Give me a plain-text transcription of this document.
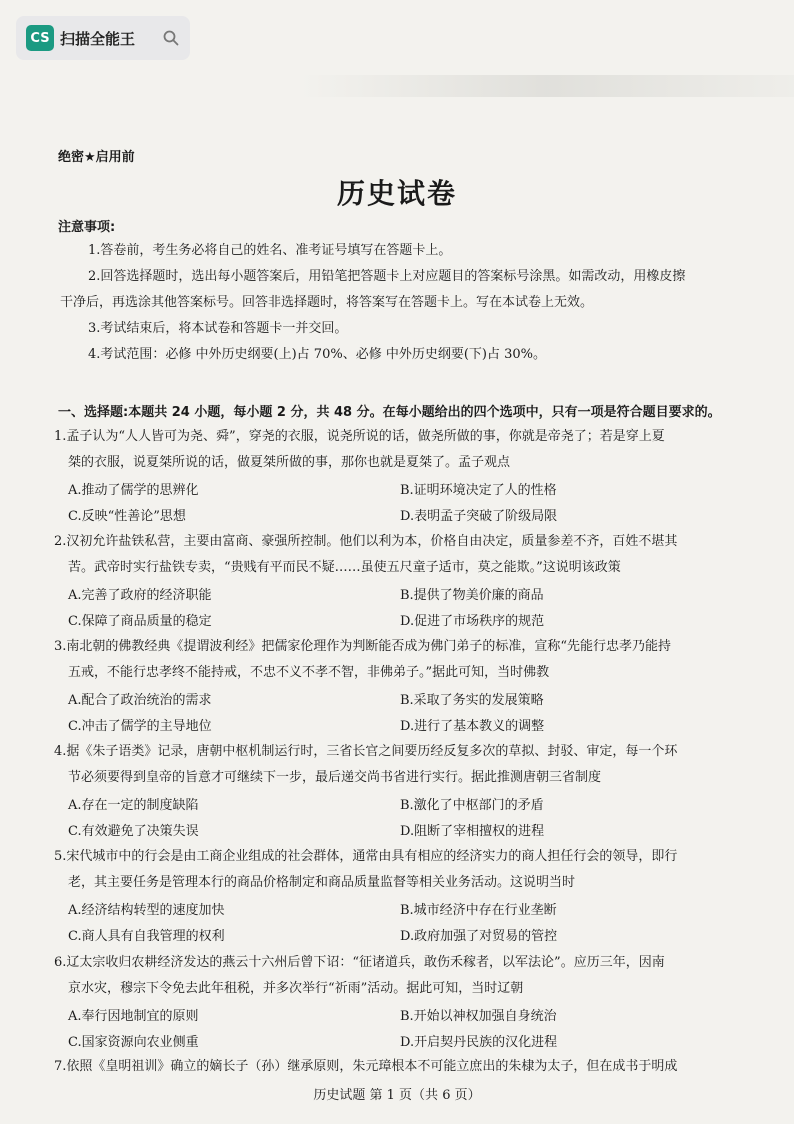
CS 扫描全能王
绝密★启用前
历史试卷
注意事项:
1.答卷前，考生务必将自己的姓名、准考证号填写在答题卡上。
2.回答选择题时，选出每小题答案后，用铅笔把答题卡上对应题目的答案标号涂黑。如需改动，用橡皮擦
干净后，再选涂其他答案标号。回答非选择题时，将答案写在答题卡上。写在本试卷上无效。
3.考试结束后，将本试卷和答题卡一并交回。
4.考试范围：必修 中外历史纲要(上)占 70%、必修 中外历史纲要(下)占 30%。
一、选择题:本题共 24 小题，每小题 2 分，共 48 分。在每小题给出的四个选项中，只有一项是符合题目要求的。
1.孟子认为“人人皆可为尧、舜”，穿尧的衣服，说尧所说的话，做尧所做的事，你就是帝尧了；若是穿上夏
桀的衣服，说夏桀所说的话，做夏桀所做的事，那你也就是夏桀了。孟子观点
A.推动了儒学的思辨化	B.证明环境决定了人的性格
C.反映“性善论”思想	D.表明孟子突破了阶级局限
2.汉初允许盐铁私营，主要由富商、豪强所控制。他们以利为本，价格自由决定，质量参差不齐，百姓不堪其
苦。武帝时实行盐铁专卖，“贵贱有平而民不疑……虽使五尺童子适市，莫之能欺。”这说明该政策
A.完善了政府的经济职能	B.提供了物美价廉的商品
C.保障了商品质量的稳定	D.促进了市场秩序的规范
3.南北朝的佛教经典《提谓波利经》把儒家伦理作为判断能否成为佛门弟子的标准，宣称“先能行忠孝乃能持
五戒，不能行忠孝终不能持戒，不忠不义不孝不智，非佛弟子。”据此可知，当时佛教
A.配合了政治统治的需求	B.采取了务实的发展策略
C.冲击了儒学的主导地位	D.进行了基本教义的调整
4.据《朱子语类》记录，唐朝中枢机制运行时，三省长官之间要历经反复多次的草拟、封驳、审定，每一个环
节必须要得到皇帝的旨意才可继续下一步，最后递交尚书省进行实行。据此推测唐朝三省制度
A.存在一定的制度缺陷	B.激化了中枢部门的矛盾
C.有效避免了决策失误	D.阻断了宰相擅权的进程
5.宋代城市中的行会是由工商企业组成的社会群体，通常由具有相应的经济实力的商人担任行会的领导，即行
老，其主要任务是管理本行的商品价格制定和商品质量监督等相关业务活动。这说明当时
A.经济结构转型的速度加快	B.城市经济中存在行业垄断
C.商人具有自我管理的权利	D.政府加强了对贸易的管控
6.辽太宗收归农耕经济发达的燕云十六州后曾下诏：“征诸道兵，敢伤禾稼者，以军法论”。应历三年，因南
京水灾，穆宗下令免去此年租税，并多次举行“祈雨”活动。据此可知，当时辽朝
A.奉行因地制宜的原则	B.开始以神权加强自身统治
C.国家资源向农业侧重	D.开启契丹民族的汉化进程
7.依照《皇明祖训》确立的嫡长子（孙）继承原则，朱元璋根本不可能立庶出的朱棣为太子，但在成书于明成
历史试题 第 1 页（共 6 页）
